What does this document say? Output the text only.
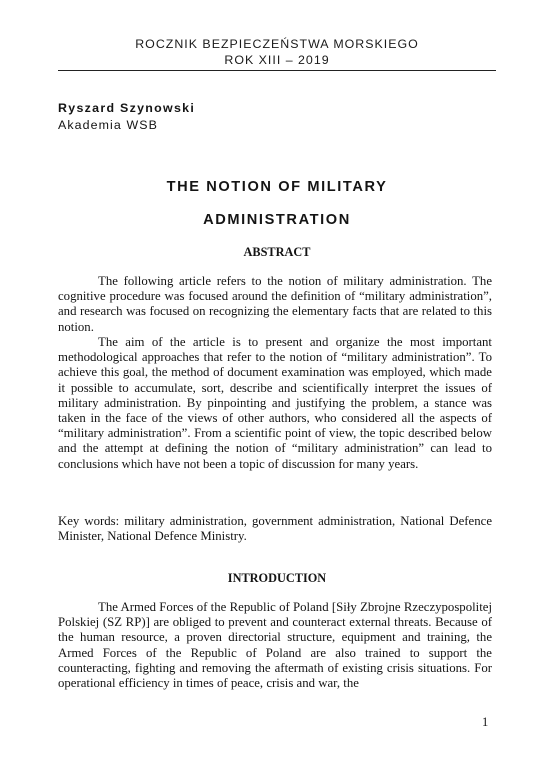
ROCZNIK BEZPIECZEŃSTWA MORSKIEGO
ROK XIII – 2019
Ryszard Szynowski
Akademia WSB
THE NOTION OF MILITARY
ADMINISTRATION
ABSTRACT

The following article refers to the notion of military administration. The cognitive procedure was focused around the definition of “military administration”, and research was focused on recognizing the elementary facts that are related to this notion.

The aim of the article is to present and organize the most important methodological approaches that refer to the notion of “military administration”. To achieve this goal, the method of document examination was employed, which made it possible to accumulate, sort, describe and scientifically interpret the issues of military administration. By pinpointing and justifying the problem, a stance was taken in the face of the views of other authors, who considered all the aspects of “military administration”. From a scientific point of view, the topic described below and the attempt at defining the notion of “military administration” can lead to conclusions which have not been a topic of discussion for many years.

Key words: military administration, government administration, National Defence Minister, National Defence Ministry.

INTRODUCTION

The Armed Forces of the Republic of Poland [Siły Zbrojne Rzeczypospolitej Polskiej (SZ RP)] are obliged to prevent and counteract external threats. Because of the human resource, a proven directorial structure, equipment and training, the Armed Forces of the Republic of Poland are also trained to support the counteracting, fighting and removing the aftermath of existing crisis situations. For operational efficiency in times of peace, crisis and war, the

1
